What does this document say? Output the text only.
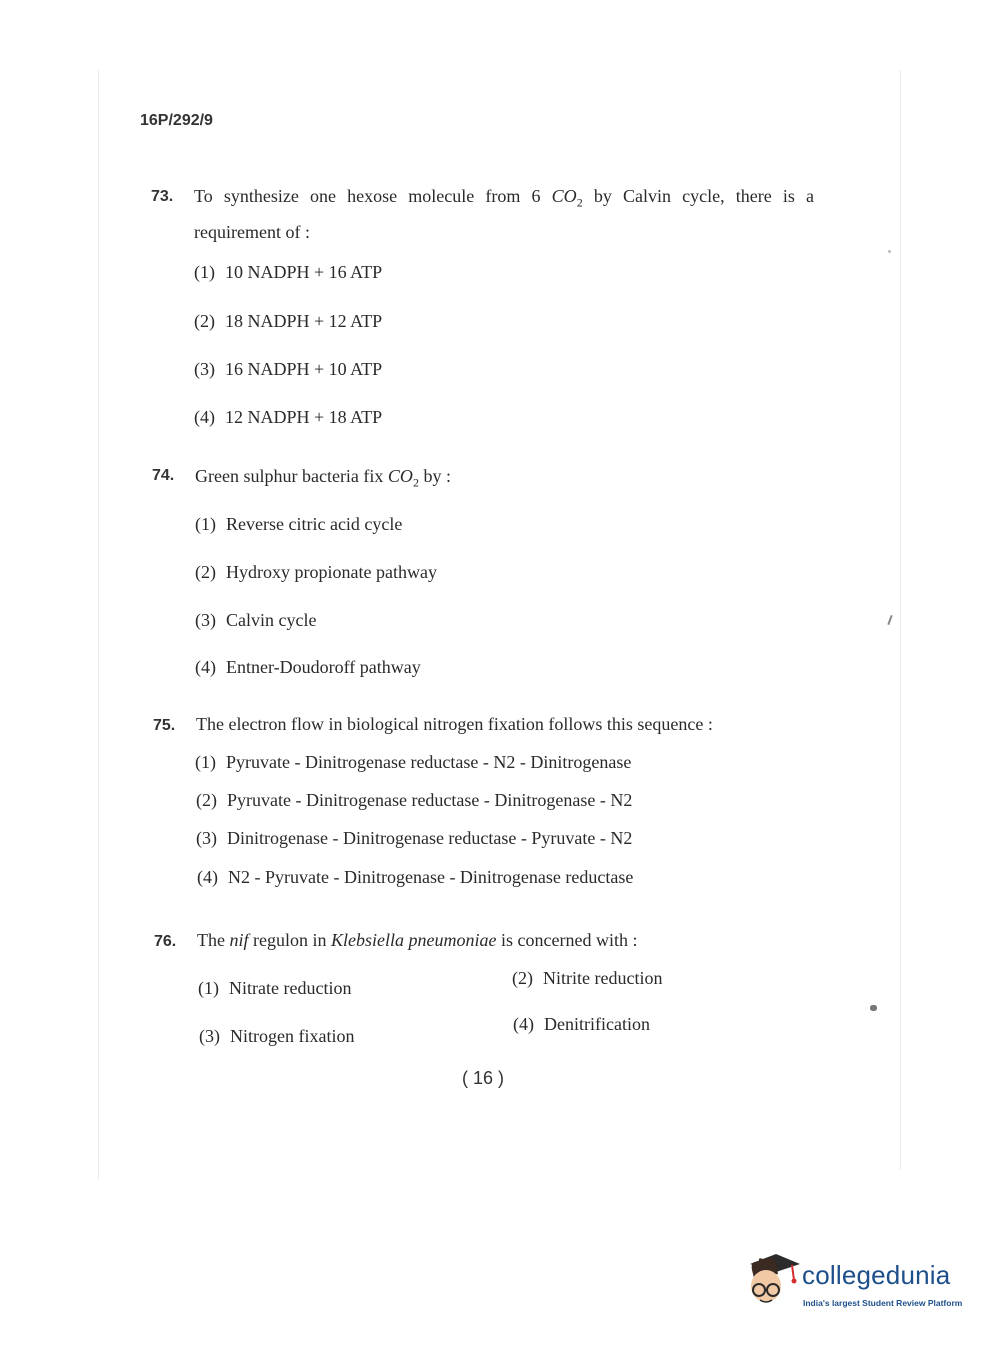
16P/292/9
73. To synthesize one hexose molecule from 6 $CO_2$ by Calvin cycle, there is a requirement of :
(1) 10 NADPH + 16 ATP
(2) 18 NADPH + 12 ATP
(3) 16 NADPH + 10 ATP
(4) 12 NADPH + 18 ATP
74. Green sulphur bacteria fix $CO_2$ by :
(1) Reverse citric acid cycle
(2) Hydroxy propionate pathway
(3) Calvin cycle
(4) Entner-Doudoroff pathway
75. The electron flow in biological nitrogen fixation follows this sequence :
(1) Pyruvate - Dinitrogenase reductase - N2 - Dinitrogenase
(2) Pyruvate - Dinitrogenase reductase - Dinitrogenase - N2
(3) Dinitrogenase - Dinitrogenase reductase - Pyruvate - N2
(4) N2 - Pyruvate - Dinitrogenase - Dinitrogenase reductase
76. The nif regulon in Klebsiella pneumoniae is concerned with :
(1) Nitrate reduction	(2) Nitrite reduction
(3) Nitrogen fixation
(4) Denitrification
( 16 )
collegedunia
India's largest Student Review Platform
